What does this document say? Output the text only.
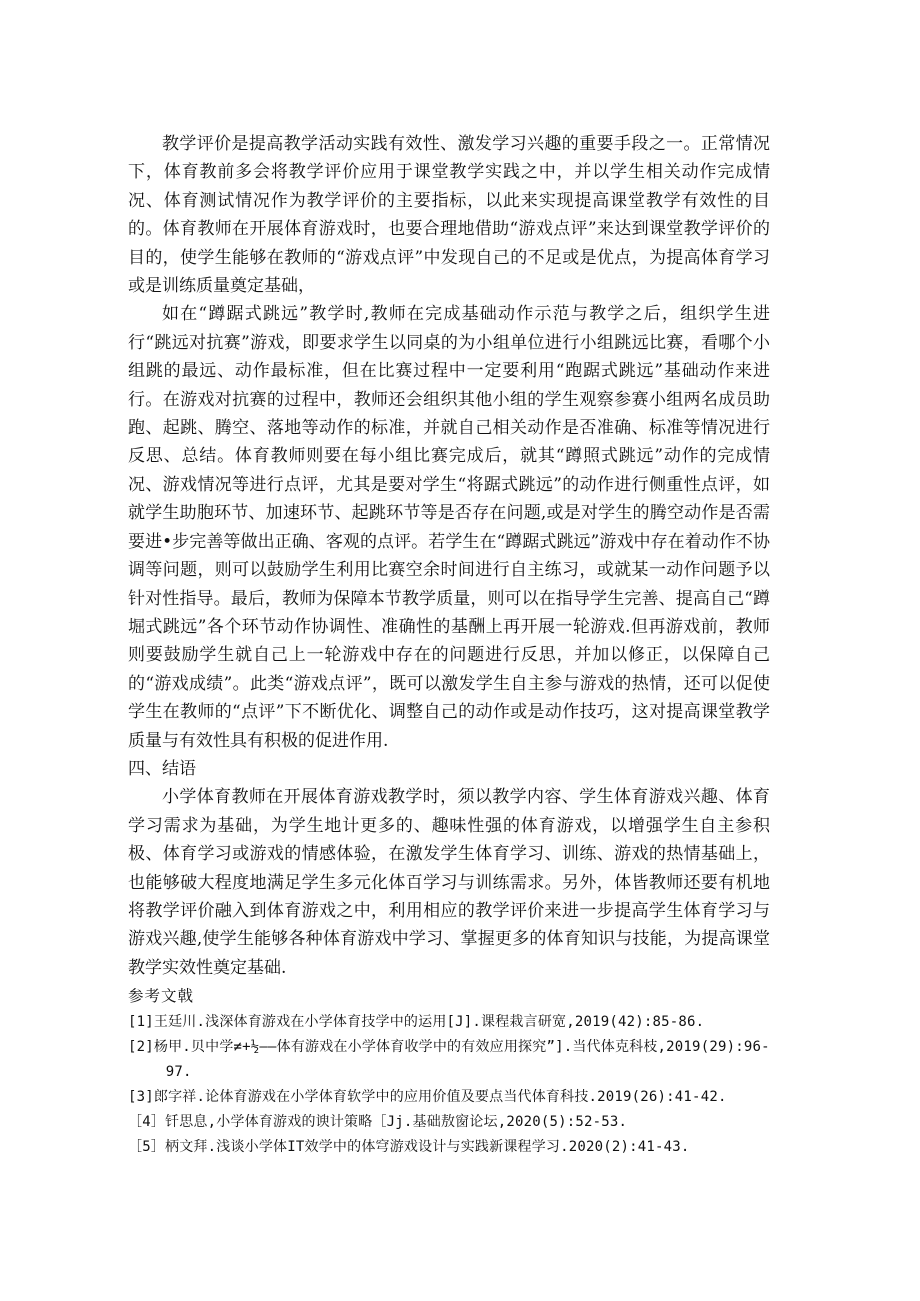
教学评价是提高教学活动实践有效性、激发学习兴趣的重要手段之一。正常情况下，体育教前多会将教学评价应用于课堂教学实践之中，并以学生相关动作完成情况、体育测试情况作为教学评价的主要指标，以此来实现提高课堂教学有效性的目的。体育教师在开展体育游戏时，也要合理地借助“游戏点评”来达到课堂教学评价的目的，使学生能够在教师的“游戏点评”中发现自己的不足或是优点，为提高体育学习或是训练质量奠定基础，

如在“蹲踞式跳远”教学时,教师在完成基础动作示范与教学之后，组织学生进行“跳远对抗赛”游戏，即要求学生以同桌的为小组单位进行小组跳远比赛，看哪个小组跳的最远、动作最标准，但在比赛过程中一定要利用“跑踞式跳远”基础动作来进行。在游戏对抗赛的过程中，教师还会组织其他小组的学生观察参赛小组两名成员助跑、起跳、腾空、落地等动作的标准，并就自己相关动作是否准确、标准等情况进行反思、总结。体育教师则要在每小组比赛完成后，就其“蹲照式跳远”动作的完成情况、游戏情况等进行点评，尤其是要对学生“将踞式跳远”的动作进行侧重性点评，如就学生助胞环节、加速环节、起跳环节等是否存在问题,或是对学生的腾空动作是否需要进•步完善等做出正确、客观的点评。若学生在“蹲踞式跳远”游戏中存在着动作不协调等问题，则可以鼓励学生利用比赛空余时间进行自主练习，或就某一动作问题予以针对性指导。最后，教师为保障本节教学质量，则可以在指导学生完善、提高自己“蹲堀式跳远”各个环节动作协调性、准确性的基酬上再开展一轮游戏.但再游戏前，教师则要鼓励学生就自己上一轮游戏中存在的问题进行反思，并加以修正，以保障自己的“游戏成绩”。此类“游戏点评”，既可以激发学生自主参与游戏的热情，还可以促使学生在教师的“点评”下不断优化、调整自己的动作或是动作技巧，这对提高课堂教学质量与有效性具有积极的促进作用.

四、结语

小学体育教师在开展体育游戏教学时，须以教学内容、学生体育游戏兴趣、体育学习需求为基础，为学生地计更多的、趣味性强的体育游戏，以增强学生自主参积极、体育学习或游戏的情感体验，在激发学生体育学习、训练、游戏的热情基础上，也能够破大程度地满足学生多元化体百学习与训练需求。另外，体皆教师还要有机地将教学评价融入到体育游戏之中，利用相应的教学评价来进一步提高学生体育学习与游戏兴趣,使学生能够各种体育游戏中学习、掌握更多的体育知识与技能，为提高课堂教学实效性奠定基础.

参考文戟

[1]王廷川.浅深体育游戏在小学体育技学中的运用[J].课程栽言研宽,2019(42):85-86.

[2]杨甲.贝中学≠+½——体有游戏在小学体育收学中的有效应用探究”].当代体克科枝,2019(29):96-97.

[3]郎字祥.论体育游戏在小学体育软学中的应用价值及要点当代体育科技.2019(26):41-42.

［4］钎思息,小学体育游戏的谀计策略［Jj.基础敖窗论坛,2020(5):52-53.

［5］柄文拜.浅谈小学体IT效学中的体穹游戏设计与实践新课程学习.2020(2):41-43.
